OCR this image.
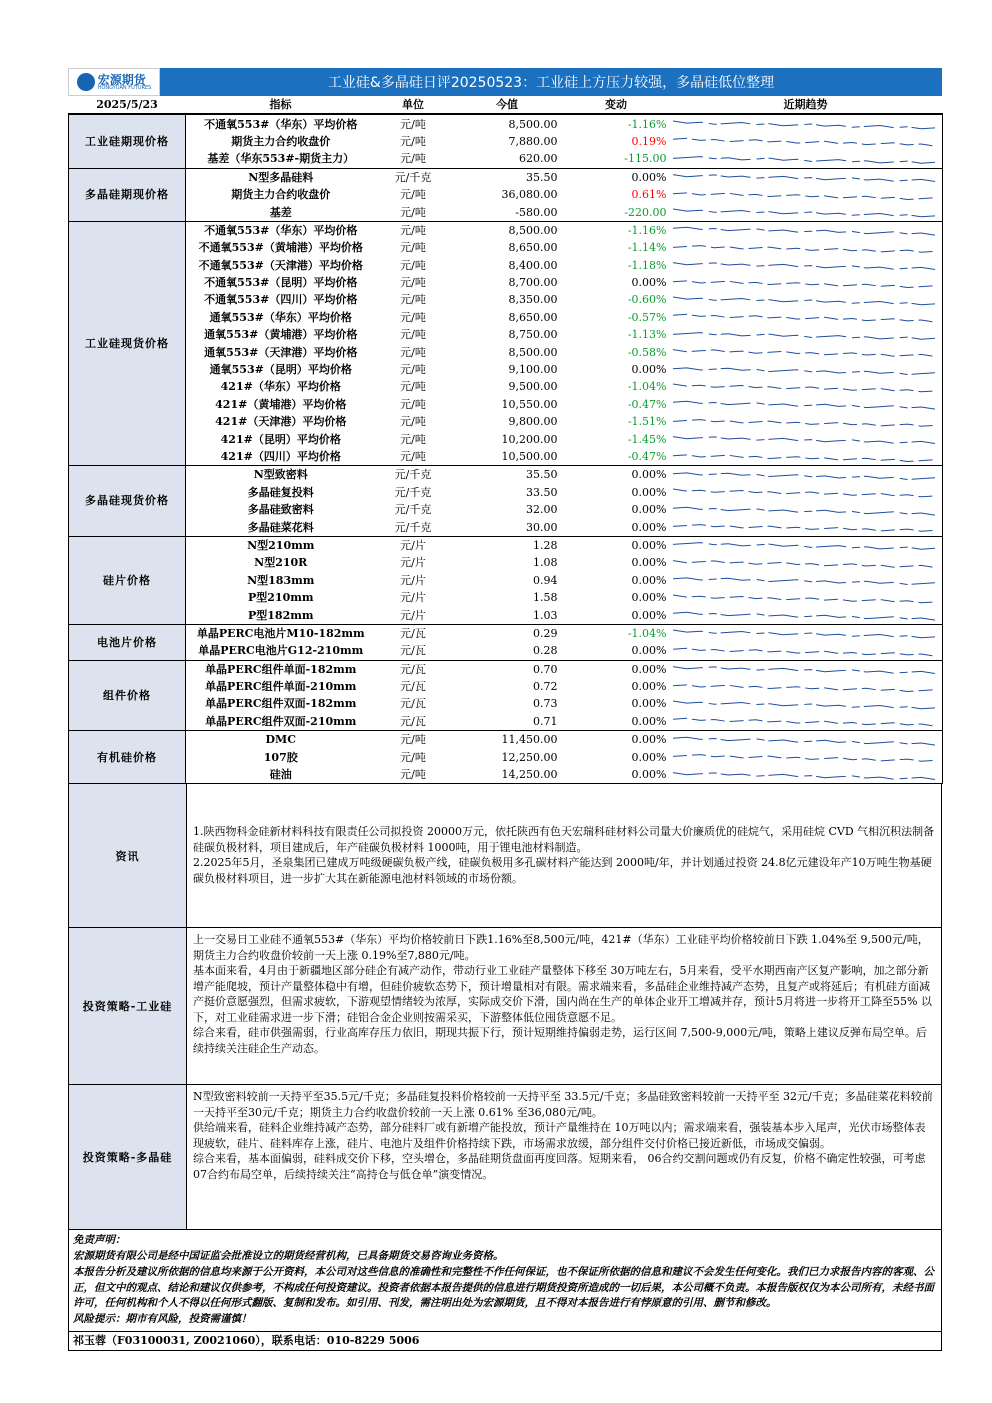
宏源期货
HONGYUAN FUTURES	工业硅&多晶硅日评20250523：工业硅上方压力较强，多晶硅低位整理
2025/5/23	指标	单位	今值	变动	近期趋势
工业硅期现价格	不通氧553#（华东）平均价格	元/吨	8,500.00	-1.16%	

	期货主力合约收盘价	元/吨	7,880.00	0.19%	

	基差（华东553#-期货主力）	元/吨	620.00	-115.00	

多晶硅期现价格	N型多晶硅料	元/千克	35.50	0.00%	

	期货主力合约收盘价	元/吨	36,080.00	0.61%	

	基差	元/吨	-580.00	-220.00	

工业硅现货价格	不通氧553#（华东）平均价格	元/吨	8,500.00	-1.16%	

	不通氧553#（黄埔港）平均价格	元/吨	8,650.00	-1.14%	

	不通氧553#（天津港）平均价格	元/吨	8,400.00	-1.18%	

	不通氧553#（昆明）平均价格	元/吨	8,700.00	0.00%	

	不通氧553#（四川）平均价格	元/吨	8,350.00	-0.60%	

	通氧553#（华东）平均价格	元/吨	8,650.00	-0.57%	

	通氧553#（黄埔港）平均价格	元/吨	8,750.00	-1.13%	

	通氧553#（天津港）平均价格	元/吨	8,500.00	-0.58%	

	通氧553#（昆明）平均价格	元/吨	9,100.00	0.00%	

	421#（华东）平均价格	元/吨	9,500.00	-1.04%	

	421#（黄埔港）平均价格	元/吨	10,550.00	-0.47%	

	421#（天津港）平均价格	元/吨	9,800.00	-1.51%	

	421#（昆明）平均价格	元/吨	10,200.00	-1.45%	

	421#（四川）平均价格	元/吨	10,500.00	-0.47%	

多晶硅现货价格	N型致密料	元/千克	35.50	0.00%	

	多晶硅复投料	元/千克	33.50	0.00%	

	多晶硅致密料	元/千克	32.00	0.00%	

	多晶硅菜花料	元/千克	30.00	0.00%	

硅片价格	N型210mm	元/片	1.28	0.00%	

	N型210R	元/片	1.08	0.00%	

	N型183mm	元/片	0.94	0.00%	

	P型210mm	元/片	1.58	0.00%	

	P型182mm	元/片	1.03	0.00%	

电池片价格	单晶PERC电池片M10-182mm	元/瓦	0.29	-1.04%	

	单晶PERC电池片G12-210mm	元/瓦	0.28	0.00%	

组件价格	单晶PERC组件单面-182mm	元/瓦	0.70	0.00%	

	单晶PERC组件单面-210mm	元/瓦	0.72	0.00%	

	单晶PERC组件双面-182mm	元/瓦	0.73	0.00%	

	单晶PERC组件双面-210mm	元/瓦	0.71	0.00%	

有机硅价格	DMC	元/吨	11,450.00	0.00%	

	107胶	元/吨	12,250.00	0.00%	

	硅油	元/吨	14,250.00	0.00%	
资讯

1.陕西物科金硅新材料科技有限责任公司拟投资 20000万元，依托陕西有色天宏瑞科硅材料公司量大价廉质优的硅烷气，采用硅烷 CVD 气相沉积法制备硅碳负极材料，项目建成后，年产硅碳负极材料 1000吨，用于锂电池材料制造。

2.2025年5月，圣泉集团已建成万吨级硬碳负极产线，硅碳负极用多孔碳材料产能达到 2000吨/年，并计划通过投资 24.8亿元建设年产10万吨生物基硬碳负极材料项目，进一步扩大其在新能源电池材料领域的市场份额。

投资策略-工业硅

上一交易日工业硅不通氧553#（华东）平均价格较前日下跌1.16%至8,500元/吨，421#（华东）工业硅平均价格较前日下跌 1.04%至 9,500元/吨，期货主力合约收盘价较前一天上涨 0.19%至7,880元/吨。

基本面来看，4月由于新疆地区部分硅企有减产动作，带动行业工业硅产量整体下移至 30万吨左右，5月来看，受平水期西南产区复产影响，加之部分新增产能爬坡，预计产量整体稳中有增，但硅价疲软态势下，预计增量相对有限。需求端来看，多晶硅企业维持减产态势，且复产或将延后；有机硅方面减产挺价意愿强烈，但需求疲软，下游观望情绪较为浓厚，实际成交价下滑，国内尚在生产的单体企业开工增减并存，预计5月将进一步将开工降至55% 以下，对工业硅需求进一步下滑；硅铝合金企业则按需采买，下游整体低位囤货意愿不足。

综合来看，硅市供强需弱，行业高库存压力依旧，期现共振下行，预计短期维持偏弱走势，运行区间 7,500-9,000元/吨，策略上建议反弹布局空单。后续持续关注硅企生产动态。

投资策略-多晶硅

N型致密料较前一天持平至35.5元/千克；多晶硅复投料价格较前一天持平至 33.5元/千克；多晶硅致密料较前一天持平至 32元/千克；多晶硅菜花料较前一天持平至30元/千克；期货主力合约收盘价较前一天上涨 0.61% 至36,080元/吨。

供给端来看，硅料企业维持减产态势，部分硅料厂或有新增产能投放，预计产量维持在 10万吨以内；需求端来看，强装基本步入尾声，光伏市场整体表现疲软，硅片、硅料库存上涨，硅片、电池片及组件价格持续下跌，市场需求放缓，部分组件交付价格已接近新低，市场成交偏弱。

综合来看，基本面偏弱，硅料成交价下移，空头增仓，多晶硅期货盘面再度回落。短期来看， 06合约交割问题或仍有反复，价格不确定性较强，可考虑07合约布局空单，后续持续关注“高持仓与低仓单”演变情况。

免责声明：

宏源期货有限公司是经中国证监会批准设立的期货经营机构，已具备期货交易咨询业务资格。

本报告分析及建议所依据的信息均来源于公开资料，本公司对这些信息的准确性和完整性不作任何保证，也不保证所依据的信息和建议不会发生任何变化。我们已力求报告内容的客观、公正，但文中的观点、结论和建议仅供参考，不构成任何投资建议。投资者依据本报告提供的信息进行期货投资所造成的一切后果，本公司概不负责。本报告版权仅为本公司所有，未经书面许可，任何机构和个人不得以任何形式翻版、复制和发布。如引用、刊发，需注明出处为宏源期货，且不得对本报告进行有悖原意的引用、删节和修改。

风险提示：期市有风险，投资需谨慎！

祁玉蓉（F03100031, Z0021060），联系电话：010-8229 5006
